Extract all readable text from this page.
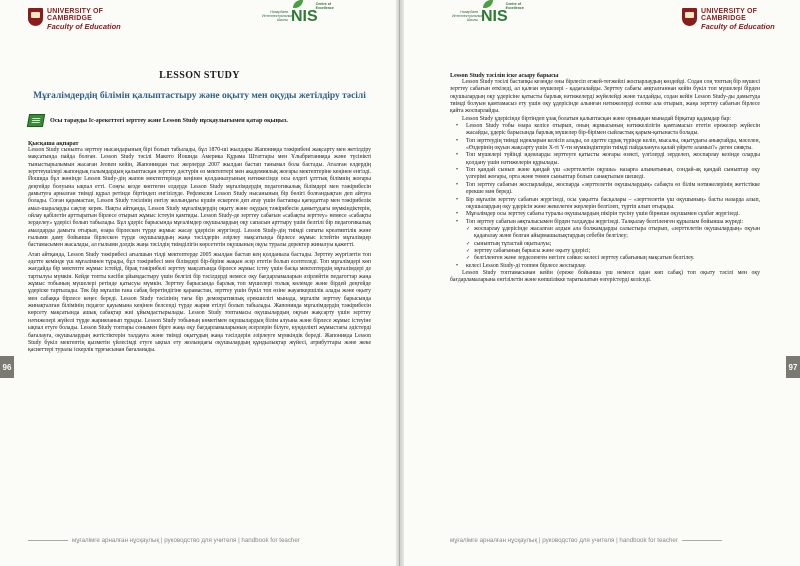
UNIVERSITY OF
CAMBRIDGE
Faculty of Education
Назарбаев Интеллектуальные Школы NIS
Centre of Excellence
96
LESSON STUDY
Мұғалімдердің білімін қалыптастыру және оқыту мен оқуды жетілдіру тәсілі
Осы тарауды Іс-әрекеттегі зерттеу және Lesson Study нұсқаулығымен қатар оқыңыз.
Қысқаша ақпарат

Lesson Study сыныпта зерттеу нысандарының бірі болып табылады, бұл 1870-ші жылдары Жапонияда тәжірибені жақсарту мен жетілдіру мақсатында пайда болған. Lesson Study тәсілі Макото Йошида Америка Құрама Штаттары мен Ұлыбританияда және түсінікті тыныстырылымын жасаған Jeoneн кейін, Жапониядан тыс жерлерде 2007 жылдан бастап танымал бола бастады. Аталған елдердің зерттеушілері жапондық ғалымдардың қалыптасқан зерттеу дәстүрін өз мектептері мен академиялық жоғары мектептеріне кеңінен енгізді. Йошида бұл жөнінде Lesson Study-дің жапон мектептерінде кеңінен қолданылуының нәтижесінде осы елдегі ұлттық білімнің жоғары деңгейде болуына ықпал етті. Соңғы кезде көптеген елдерде Lesson Study мұғалімдердің педагогикалық білімдері мен тәжірибесін дамытуға арналған тиімді құрал ретінде біртіндеп енгізілуде. Рефлексия Lesson Study нысанының бір бөлігі болғандықтан деп айтуға болады. Соған қарамастан, Lesson Study тәсілінің енгізу жолындағы күшін ескерген деп атау үшін бастапқы қағидаттар мен тәжірибелік амал-шараларды сақтау керек. Нақты айтқанда, Lesson Study мұғалімдердің оқыту және оқудың тәжірибесін дамытудағы мүмкіндіктерін, ойлау қабілетін арттыратын бірлесе отырып жұмыс істеуін қамтиды. Lesson Study-де зерттеу сабағын «сабақты зерттеу» немесе «сабақты зерделеу» ұдерісі болып табылады. Бұл ұдеріс барысында мұғалімдер оқушылардың оқу сапасын арттыру үшін белгілі бір педагогикалық амалдарды дамыта отырып, өзара бірлескен түрде жұмыс жасау ұдерісін жүргізеді. Lesson Study-дің тиімді сипаты креативтілік және ғылыми даму бойынша бірлескен түрде оқушылардың жаңа тәсілдерін әзірлеу мақсатында бірлесе жұмыс істейтін мұғалімдер бастамасымен жасалады, ал ғылыми дәлдік жаңа тәсілдің тиімділігін көрсететін оқушының оқуы туралы деректер жиналуы қажетті.

Атап айтқанда, Lesson Study тәжірибесі ағылшын тілді мектептерде 2005 жылдан бастап кең қолданыла бастады. Зерттеу жүргізетін топ әдетте кемінде үш мұғалімнен тұрады, бұл тәжірибесі мен білімдері бір-біріне жақын әсер ететін болып есептеледі. Топ мұғалімдері көп жағдайда бір мектепте жұмыс істейді, бірақ тәжірибелі зерттеу мақсатында бірлесе жұмыс істеу үшін басқа мектептердің мұғалімдері де тартылуы мүмкін. Кейде топты кәсіби ұйымдастыру үшін белгілі бір тәсілдерді немесе оқу бағдарламаларын әзірлейтін педагогтар жаңа жұмыс тобының мүшелері ретінде қатысуы мүмкін. Зерттеу барысында барлық топ мүшелері толық көлемде және бірдей деңгейде ұдеріске тартылады. Тек бір мұғалім ғана сабақ беретіндігіне қарамастан, зерттеу үшін бүкіл топ өзіне жауапкершілік алады және оқыту мен сабаққа бірлесе кеңес береді. Lesson Study тәсілінің тағы бір демократиялық ерекшелігі мынада, мұғалім зерттеу барысында жинақталған білімінің педагог қауымына кеңінен белсенді түрде жария етілуі болып табылады. Жапонияда мұғалімдердің тәжірибесін көрсету мақсатында ашық сабақтар жиі ұйымдастырылады. Lesson Study топтамасы оқушылардың оқуын жақсарту үшін зерттеу нәтижелері жүйелі түрде жарияланып тұрады. Lesson Study тобының көмегімен оқушылардың білім алуына және бірлесе жұмыс істеуіне ықпал етуге болады. Lesson Study топтары сонымен бірге жаңа оқу бағдарламаларының әсерлерін білуге, күнделікті жұмыстағы әдістерді бағалауға, оқушылардың жетістіктерін талдауға және тиімді оқытудың жаңа тәсілдерін әзірлеуге мүмкіндік береді. Жапонияда Lesson Study бүкіл мектептің қызметін үйлесімді етуге ықпал ету жолындағы оқушылардың құндылықтар жүйесі, атрибуттары және жеке қасиеттері туралы іскерлік тұрғысынан бағаланады.

мұғалімге арналған нұсқаулық | руководство для учителя | handbook for teacher
Назарбаев Интеллектуальные Школы NIS
Centre of Excellence
UNIVERSITY OF
CAMBRIDGE
Faculty of Education
97
Lesson Study тәсілін іске асыру барысы

Lesson Study тәсілі бастапқы кезеңде оны бірлесіп егжей-тегжейлі жоспарлаудың көздейді. Содан соң топтың бір мүшесі зерттеу сабағын өткізеді, ал қалған мүшелері - қадағалайды. Зерттеу сабағы аяқталғаннан кейін бүкіл топ мүшелері бірден оқушылардың оқу ұдерісіне қатысты барлық нәтижелерді жүйелейді және талдайды, содан кейін Lesson Study-ды дамытуда тиімді болуын қамтамасыз ету үшін оқу ұдерісінде алынған нәтижелерді есепке ала отырып, жаңа зерттеу сабағын бірлесе қайта жоспарлайды.

Lesson Study ұдерісінде біртіндеп ұзақ болатын қалыптасқан және орныққан мынадай бірқатар қадамдар бар:

• Lesson Study тобы өзара келісе отырып, оның жұмысының нәтижелілігін қамтамасыз ететін ережелер жүйесін жасайды, ұдеріс барысында барлық мүшелер бір-бірімен сыйластық қарым-қатынаста болады.
• Топ зерттеудің тиімді идеяларын келісіп алады, ол әдетте сұрақ түрінде келіп, мысалы, оқытудағы анықтайды, мәселен, «Өздерінің оқуын жақсарту үшін Х-ті Ү-ти мүмкіндіктерін тиімді пайдалануға қалай үйрете аламыз?» деген сияқты.
• Топ мүшелері түйінді идеяларды зерттеуге қатысты жоғары өзекті, үлгілерді зерделеп, жоспарлау кезінде оларды қолдану үшін нәтижелерін құрылады.
• Топ қандай сынып және қандай үш «зерттелетін оқушы» назарға алынатынын, сондай-ақ қандай сыныптар оқу үлгерімі жоғары, орта және төмен сыныптар болып санақтылын шешеді.
• Топ зерттеу сабағын жоспарлайды, жоспарда «зерттелетін оқушылардың» сабақта өз білім нәтижелерінің жетістікке ерекше мән береді.
• Бір мұғалім зерттеу сабағын жүргізеді, осы уақытта басқалары – «зерттелетін үш оқушының» басты назарда алып, оқушылардың оқу ұдерісін және жекелеген жерлерін белгілеп, түртіп алып отырады.
• Мұғалімдер осы зерттеу сабағы туралы оқушылардың пікірін түсіну үшін бірнеше оқушымен сұхбат жүргізеді.
• Топ зерттеу сабағын аяқталысымен бірден талдауды жүргізеді. Талқылау белгіленген құрылым бойынша жүреді:
✓ жоспарлау ұдерісінде жасалған алдын ала болжамдарды салыстыра отырып, «зерттелетін оқушылардың» оқуын қадағалау және болған айырмашылықтардың себебін белгілеу;
✓ сыныптың тұтастай оқытылуы;
✓ зерттеу сабағының барысы және оқыту ұдерісі;
✓ белгіленген және зерделенген негізге сәйкес келесі зерттеу сабағының мақсатын белгілеу.
• келесі Lesson Study-ді топпен бірлесе жоспарлау.

Lesson Study топтамасынан кейін (ереже бойынша үш немесе одан көп сабақ) топ оқыту тәсілі мен оқу бағдарламаларына енгізілетін және көпшілікке таратылатын өзгерістерді келіседі.

мұғалімге арналған нұсқаулық | руководство для учителя | handbook for teacher
